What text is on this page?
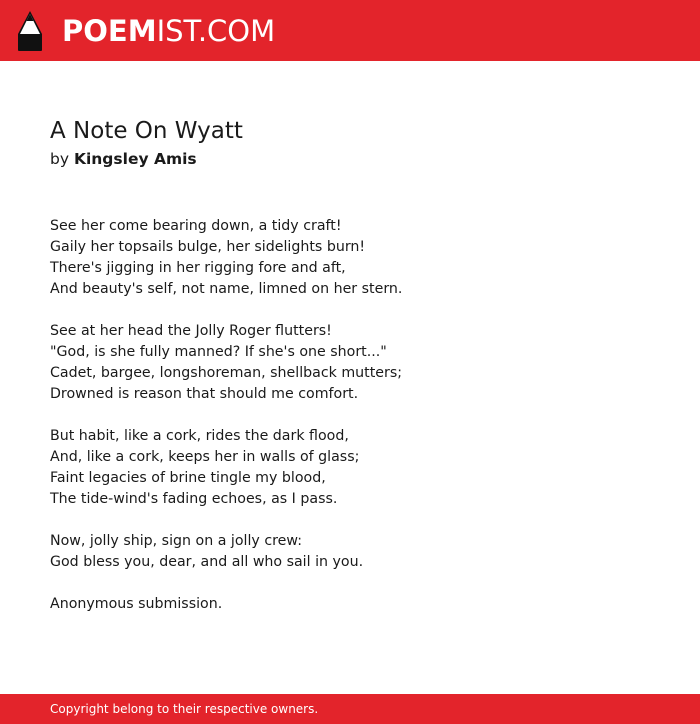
POEMIST.COM
A Note On Wyatt
by Kingsley Amis
See her come bearing down, a tidy craft!
Gaily her topsails bulge, her sidelights burn!
There's jigging in her rigging fore and aft,
And beauty's self, not name, limned on her stern.
See at her head the Jolly Roger flutters!
"God, is she fully manned? If she's one short..."
Cadet, bargee, longshoreman, shellback mutters;
Drowned is reason that should me comfort.
But habit, like a cork, rides the dark flood,
And, like a cork, keeps her in walls of glass;
Faint legacies of brine tingle my blood,
The tide-wind's fading echoes, as I pass.
Now, jolly ship, sign on a jolly crew:
God bless you, dear, and all who sail in you.
Anonymous submission.
Copyright belong to their respective owners.
